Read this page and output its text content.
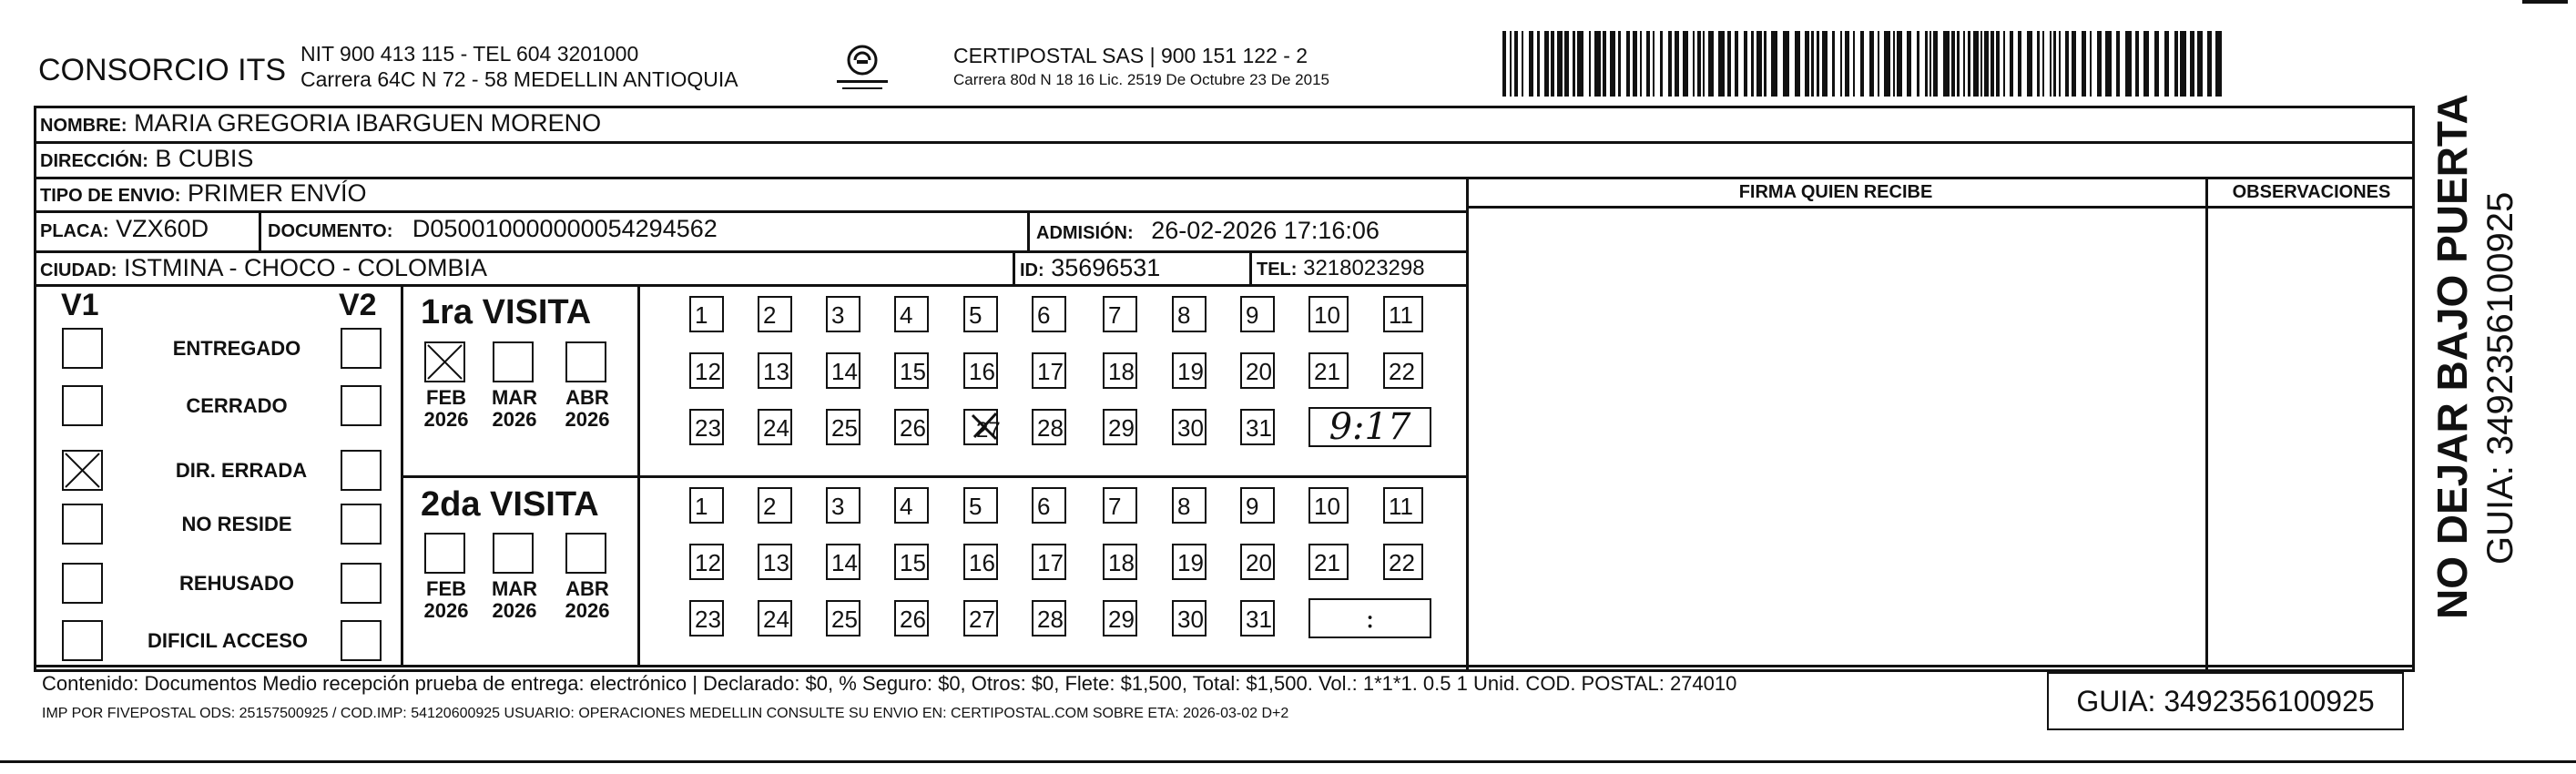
CONSORCIO ITS NIT 900 413 115 - TEL 604 3201000
Carrera 64C N 72 - 58 MEDELLIN ANTIOQUIA
CERTIPOSTAL SAS | 900 151 122 - 2
Carrera 80d N 18 16 Lic. 2519 De Octubre 23 De 2015
NOMBRE: MARIA GREGORIA IBARGUEN MORENO
DIRECCIÓN: B CUBIS
TIPO DE ENVIO: PRIMER ENVÍO
PLACA: VZX60D	DOCUMENTO: D050010000000054294562	ADMISIÓN: 26-02-2026 17:16:06
CIUDAD: ISTMINA - CHOCO - COLOMBIA	ID: 35696531	TEL: 3218023298
FIRMA QUIEN RECIBE	OBSERVACIONES
V1	V2
ENTREGADO
CERRADO
DIR. ERRADA
NO RESIDE
REHUSADO
DIFICIL ACCESO
1ra VISITA
2da VISITA
FEB
2026
MAR
2026
ABR
2026
1	2	3	4	5	6	7	8	9	10	11
12 13 14 15 16 17 18 19 20 21	22
23 24 25 26 27 28 29 30 31 9:17
FEB
2026
MAR
2026
ABR
2026
1	2	3	4	5	6	7	8	9	10	11
12 13 14 15 16 17 18 19 20 21	22
23 24 25 26 27 28 29 30 31	:
Contenido: Documentos Medio recepción prueba de entrega: electrónico | Declarado: $0, % Seguro: $0, Otros: $0, Flete: $1,500, Total: $1,500. Vol.: 1*1*1. 0.5 1 Unid. COD. POSTAL: 274010
IMP POR FIVEPOSTAL ODS: 25157500925 / COD.IMP: 54120600925 USUARIO: OPERACIONES MEDELLIN CONSULTE SU ENVIO EN: CERTIPOSTAL.COM SOBRE ETA: 2026-03-02 D+2	GUIA: 3492356100925
NO DEJAR BAJO PUERTA GUIA: 3492356100925
